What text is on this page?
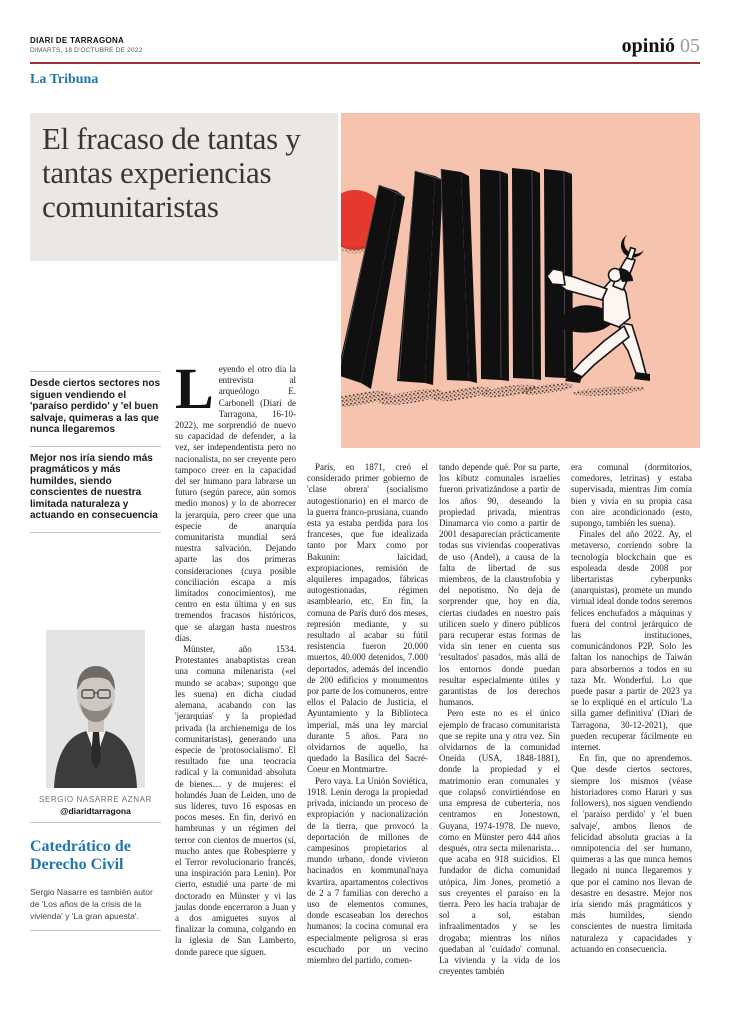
DIARI DE TARRAGONA
DIMARTS, 18 D'OCTUBRE DE 2022	opinió 05
La Tribuna
El fracaso de tantas y tantas experiencias comunitaristas
Desde ciertos sectores nos siguen vendiendo el 'paraíso perdido' y 'el buen salvaje, quimeras a las que nunca llegaremos
Mejor nos iría siendo más pragmáticos y más humildes, siendo conscientes de nuestra limitada naturaleza y actuando en consecuencia
SERGIO NASARRE AZNAR
@diaridtarragona
Catedrático de Derecho Civil
Sergio Nasarre es también autor de 'Los años de la crisis de la vivienda' y 'La gran apuesta'.

Leyendo el otro día la entrevista al arqueólogo E. Carbonell (Diari de Tarragona, 16-10-2022), me sorprendió de nuevo su capacidad de defender, a la vez, ser independentista pero no nacionalista, no ser creyente pero tampoco creer en la capacidad del ser humano para labrarse un futuro (según parece, aún somos medio monos) y lo de aborrecer la jerarquía, pero creer que una especie de anarquía comunitarista mundial será nuestra salvación. Dejando aparte las dos primeras consideraciones (cuya posible conciliación escapa a mis limitados conocimientos), me centro en esta última y en sus tremendos fracasos históricos, que se alargan hasta nuestros días.

Münster, año 1534. Protestantes anabaptistas crean una comuna milenarista («el mundo se acaba»; supongo que les suena) en dicha ciudad alemana, acabando con las 'jerarquías' y la propiedad privada (la archienemiga de los comunitaristas), generando una especie de 'protosocialismo'. El resultado fue una teocracia radical y la comunidad absoluta de bienes… y de mujeres: el holandés Juan de Leiden, uno de sus líderes, tuvo 16 esposas en pocos meses. En fin, derivó en hambrunas y un régimen del terror con cientos de muertos (sí, mucho antes que Robespierre y el Terror revolucionario francés, una inspiración para Lenin). Por cierto, estudié una parte de mi doctorado en Münster y vi las jaulas donde encerraron a Juan y a dos amiguetes suyos al finalizar la comuna, colgando en la iglesia de San Lamberto, donde parece que siguen.

París, en 1871, creó el considerado primer gobierno de 'clase obrera' (socialismo autogestionario) en el marco de la guerra franco-prusiana, cuando esta ya estaba perdida para los franceses, que fue idealizada tanto por Marx como por Bakunin: laicidad, expropiaciones, remisión de alquileres impagados, fábricas autogestionadas, régimen asambleario, etc. En fin, la comuna de París duró dos meses, represión mediante, y su resultado al acabar su fútil resistencia fueron 20.000 muertos, 40.000 detenidos, 7.000 deportados, además del incendio de 200 edificios y monumentos por parte de los comuneros, entre ellos el Palacio de Justicia, el Ayuntamiento y la Biblioteca imperial, más una ley marcial durante 5 años. Para no olvidarnos de aquello, ha quedado la Basílica del Sacré-Coeur en Montmartre.

Pero vaya. La Unión Soviética, 1918. Lenin deroga la propiedad privada, iniciando un proceso de expropiación y nacionalización de la tierra, que provocó la deportación de millones de campesinos propietarios al mundo urbano, donde vivieron hacinados en kommunal'naya kvartira, apartamentos colectivos de 2 a 7 familias con derecho a uso de elementos comunes, donde escaseaban los derechos humanos: la cocina comunal era especialmente peligrosa si eras escuchado por un vecino miembro del partido, comen-

tando depende qué. Por su parte, los kibutz comunales israelíes fueron privatizándose a partir de los años 90, deseando la propiedad privada, mientras Dinamarca vio como a partir de 2001 desaparecían prácticamente todas sus viviendas cooperativas de uso (Andel), a causa de la falta de libertad de sus miembros, de la claustrofobia y del nepotismo. No deja de sorprender que, hoy en día, ciertas ciudades en nuestro país utilicen suelo y dinero públicos para recuperar estas formas de vida sin tener en cuenta sus 'resultados' pasados, más allá de los entornos donde puedan resultar especialmente útiles y garantistas de los derechos humanos.

Pero este no es el único ejemplo de fracaso comunitarista que se repite una y otra vez. Sin olvidarnos de la comunidad Oneida (USA, 1848-1881), donde la propiedad y el matrimonio eran comunales y que colapsó convirtiéndose en una empresa de cubertería, nos centramos en Jonestown, Guyana, 1974-1978. De nuevo, como en Münster pero 444 años después, otra secta milenarista… que acaba en 918 suicidios. El fundador de dicha comunidad utópica, Jim Jones, prometió a sus creyentes el paraíso en la tierra. Pero les hacía trabajar de sol a sol, estaban infraalimentados y se les drogaba; mientras los niños quedaban al 'cuidado' comunal. La vivienda y la vida de los creyentes también

era comunal (dormitorios, comedores, letrinas) y estaba supervisada, mientras Jim comía bien y vivía en su propia casa con aire acondicionado (esto, supongo, también les suena).

Finales del año 2022. Ay, el metaverso, corriendo sobre la tecnología blockchain que es espoleada desde 2008 por libertaristas cyberpunks (anarquistas), promete un mundo virtual ideal donde todos seremos felices enchufados a máquinas y fuera del control jerárquico de las instituciones, comunicándonos P2P. Solo les faltan los nanochips de Taiwán para absorbernos a todos en su taza Mr. Wonderful. Lo que puede pasar a partir de 2023 ya se lo expliqué en el artículo 'La silla gamer definitiva' (Diari de Tarragona, 30-12-2021), que pueden recuperar fácilmente en internet.

En fin, que no aprendemos. Que desde ciertos sectores, siempre los mismos (véase historiadores como Harari y sus followers), nos siguen vendiendo el 'paraíso perdido' y 'el buen salvaje', ambos llenos de felicidad absoluta gracias a la omnipotencia del ser humano, quimeras a las que nunca hemos llegado ni nunca llegaremos y que por el camino nos llevan de desastre en desastre. Mejor nos iría siendo más pragmáticos y más humildes, siendo conscientes de nuestra limitada naturaleza y capacidades y actuando en consecuencia.
